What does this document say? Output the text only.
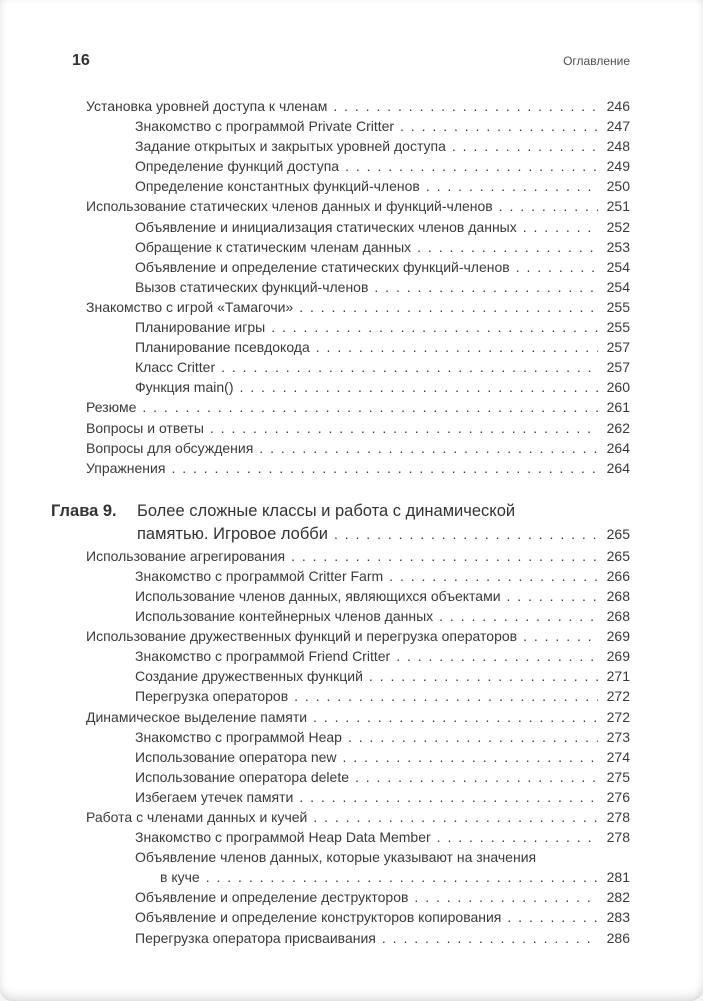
16	Оглавление
Установка уровней доступа к членам . . .	246
Знакомство с программой Private Critter . . .	247
Задание открытых и закрытых уровней доступа . . .	248
Определение функций доступа . . .	249
Определение константных функций-членов . . .	250
Использование статических членов данных и функций-членов . . .	251
Объявление и инициализация статических членов данных . . .	252
Обращение к статическим членам данных . . .	253
Объявление и определение статических функций-членов . . .	254
Вызов статических функций-членов . . .	254
Знакомство с игрой «Тамагочи» . . .	255
Планирование игры . . .	255
Планирование псевдокода . . .	257
Класс Critter . . .	257
Функция main() . . .	260
Резюме . . .	261
Вопросы и ответы . . .	262
Вопросы для обсуждения . . .	264
Упражнения . . .	264
Глава 9.	Более сложные классы и работа с динамической
памятью. Игровое лобби . . .	265
Использование агрегирования . . .	265
Знакомство с программой Critter Farm . . .	266
Использование членов данных, являющихся объектами . . .	268
Использование контейнерных членов данных . . .	268
Использование дружественных функций и перегрузка операторов . . .	269
Знакомство с программой Friend Critter . . .	269
Создание дружественных функций . . .	271
Перегрузка операторов . . .	272
Динамическое выделение памяти . . .	272
Знакомство с программой Heap . . .	273
Использование оператора new . . .	274
Использование оператора delete . . .	275
Избегаем утечек памяти . . .	276
Работа с членами данных и кучей . . .	278
Знакомство с программой Heap Data Member . . .	278
Объявление членов данных, которые указывают на значения
в куче . . .	281
Объявление и определение деструкторов . . .	282
Объявление и определение конструкторов копирования . . .	283
Перегрузка оператора присваивания . . .	286
